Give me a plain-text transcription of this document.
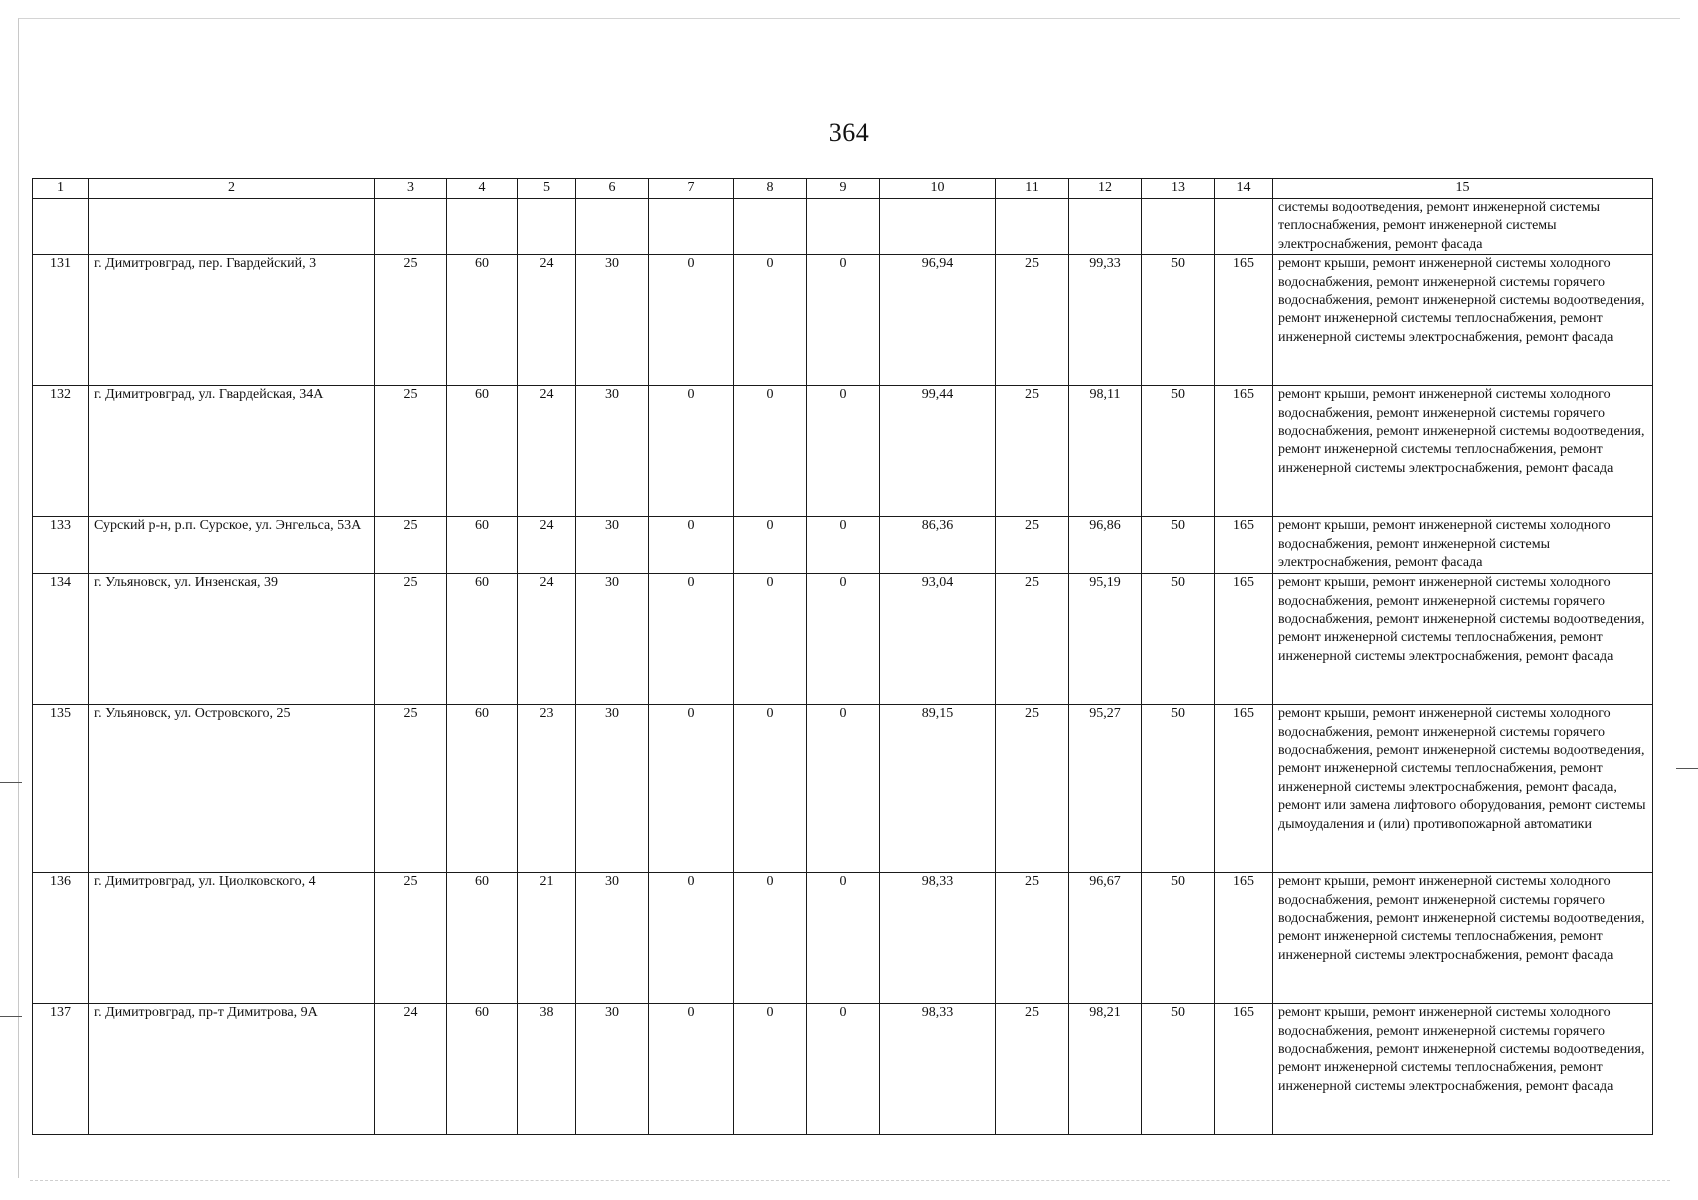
364
1	2	3	4	5	6	7	8	9	10	11	12	13	14	15
														системы водоотведения, ремонт инженерной системы теплоснабжения, ремонт инженерной системы электроснабжения, ремонт фасада
131	г. Димитровград, пер. Гвардейский, 3	25	60	24	30	0	0	0	96,94	25	99,33	50	165	ремонт крыши, ремонт инженерной системы холодного водоснабжения, ремонт инженерной системы горячего водоснабжения, ремонт инженерной системы водоотведения, ремонт инженерной системы теплоснабжения, ремонт инженерной системы электроснабжения, ремонт фасада
132	г. Димитровград, ул. Гвардейская, 34А	25	60	24	30	0	0	0	99,44	25	98,11	50	165	ремонт крыши, ремонт инженерной системы холодного водоснабжения, ремонт инженерной системы горячего водоснабжения, ремонт инженерной системы водоотведения, ремонт инженерной системы теплоснабжения, ремонт инженерной системы электроснабжения, ремонт фасада
133	Сурский р-н, р.п. Сурское, ул. Энгельса, 53А	25	60	24	30	0	0	0	86,36	25	96,86	50	165	ремонт крыши, ремонт инженерной системы холодного водоснабжения, ремонт инженерной системы электроснабжения, ремонт фасада
134	г. Ульяновск, ул. Инзенская, 39	25	60	24	30	0	0	0	93,04	25	95,19	50	165	ремонт крыши, ремонт инженерной системы холодного водоснабжения, ремонт инженерной системы горячего водоснабжения, ремонт инженерной системы водоотведения, ремонт инженерной системы теплоснабжения, ремонт инженерной системы электроснабжения, ремонт фасада
135	г. Ульяновск, ул. Островского, 25	25	60	23	30	0	0	0	89,15	25	95,27	50	165	ремонт крыши, ремонт инженерной системы холодного водоснабжения, ремонт инженерной системы горячего водоснабжения, ремонт инженерной системы водоотведения, ремонт инженерной системы теплоснабжения, ремонт инженерной системы электроснабжения, ремонт фасада, ремонт или замена лифтового оборудования, ремонт системы дымоудаления и (или) противопожарной автоматики
136	г. Димитровград, ул. Циолковского, 4	25	60	21	30	0	0	0	98,33	25	96,67	50	165	ремонт крыши, ремонт инженерной системы холодного водоснабжения, ремонт инженерной системы горячего водоснабжения, ремонт инженерной системы водоотведения, ремонт инженерной системы теплоснабжения, ремонт инженерной системы электроснабжения, ремонт фасада
137	г. Димитровград, пр-т Димитрова, 9А	24	60	38	30	0	0	0	98,33	25	98,21	50	165	ремонт крыши, ремонт инженерной системы холодного водоснабжения, ремонт инженерной системы горячего водоснабжения, ремонт инженерной системы водоотведения, ремонт инженерной системы теплоснабжения, ремонт инженерной системы электроснабжения, ремонт фасада
